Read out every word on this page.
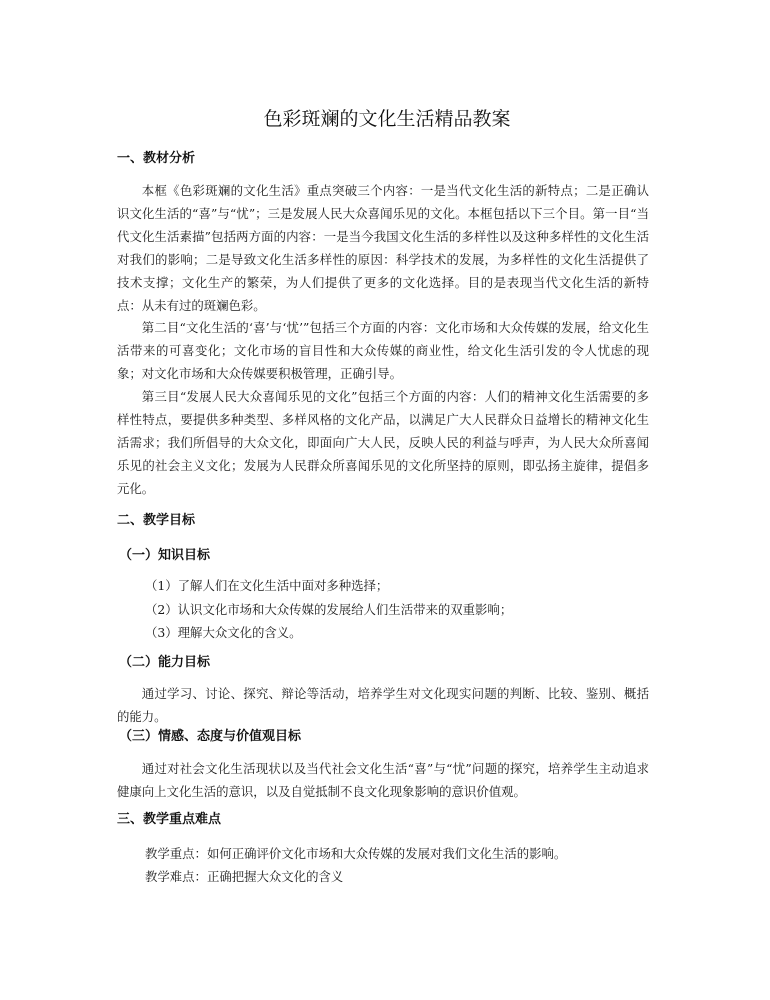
色彩斑斓的文化生活精品教案
一、教材分析
本框《色彩斑斓的文化生活》重点突破三个内容：一是当代文化生活的新特点；二是正确认识文化生活的“喜”与“忧”；三是发展人民大众喜闻乐见的文化。本框包括以下三个目。第一目“当代文化生活素描”包括两方面的内容：一是当今我国文化生活的多样性以及这种多样性的文化生活对我们的影响；二是导致文化生活多样性的原因：科学技术的发展，为多样性的文化生活提供了技术支撑；文化生产的繁荣，为人们提供了更多的文化选择。目的是表现当代文化生活的新特点：从未有过的斑斓色彩。
第二目“文化生活的‘喜’与‘忧’”包括三个方面的内容：文化市场和大众传媒的发展，给文化生活带来的可喜变化；文化市场的盲目性和大众传媒的商业性，给文化生活引发的令人忧虑的现象；对文化市场和大众传媒要积极管理，正确引导。
第三目“发展人民大众喜闻乐见的文化”包括三个方面的内容：人们的精神文化生活需要的多样性特点，要提供多种类型、多样风格的文化产品，以满足广大人民群众日益增长的精神文化生活需求；我们所倡导的大众文化，即面向广大人民，反映人民的利益与呼声，为人民大众所喜闻乐见的社会主义文化；发展为人民群众所喜闻乐见的文化所坚持的原则，即弘扬主旋律，提倡多元化。
二、教学目标
（一）知识目标
（1）了解人们在文化生活中面对多种选择；
（2）认识文化市场和大众传媒的发展给人们生活带来的双重影响；
（3）理解大众文化的含义。
（二）能力目标
通过学习、讨论、探究、辩论等活动，培养学生对文化现实问题的判断、比较、鉴别、概括的能力。
（三）情感、态度与价值观目标
通过对社会文化生活现状以及当代社会文化生活“喜”与“忧”问题的探究，培养学生主动追求健康向上文化生活的意识，以及自觉抵制不良文化现象影响的意识价值观。
三、教学重点难点
教学重点：如何正确评价文化市场和大众传媒的发展对我们文化生活的影响。
教学难点：正确把握大众文化的含义
